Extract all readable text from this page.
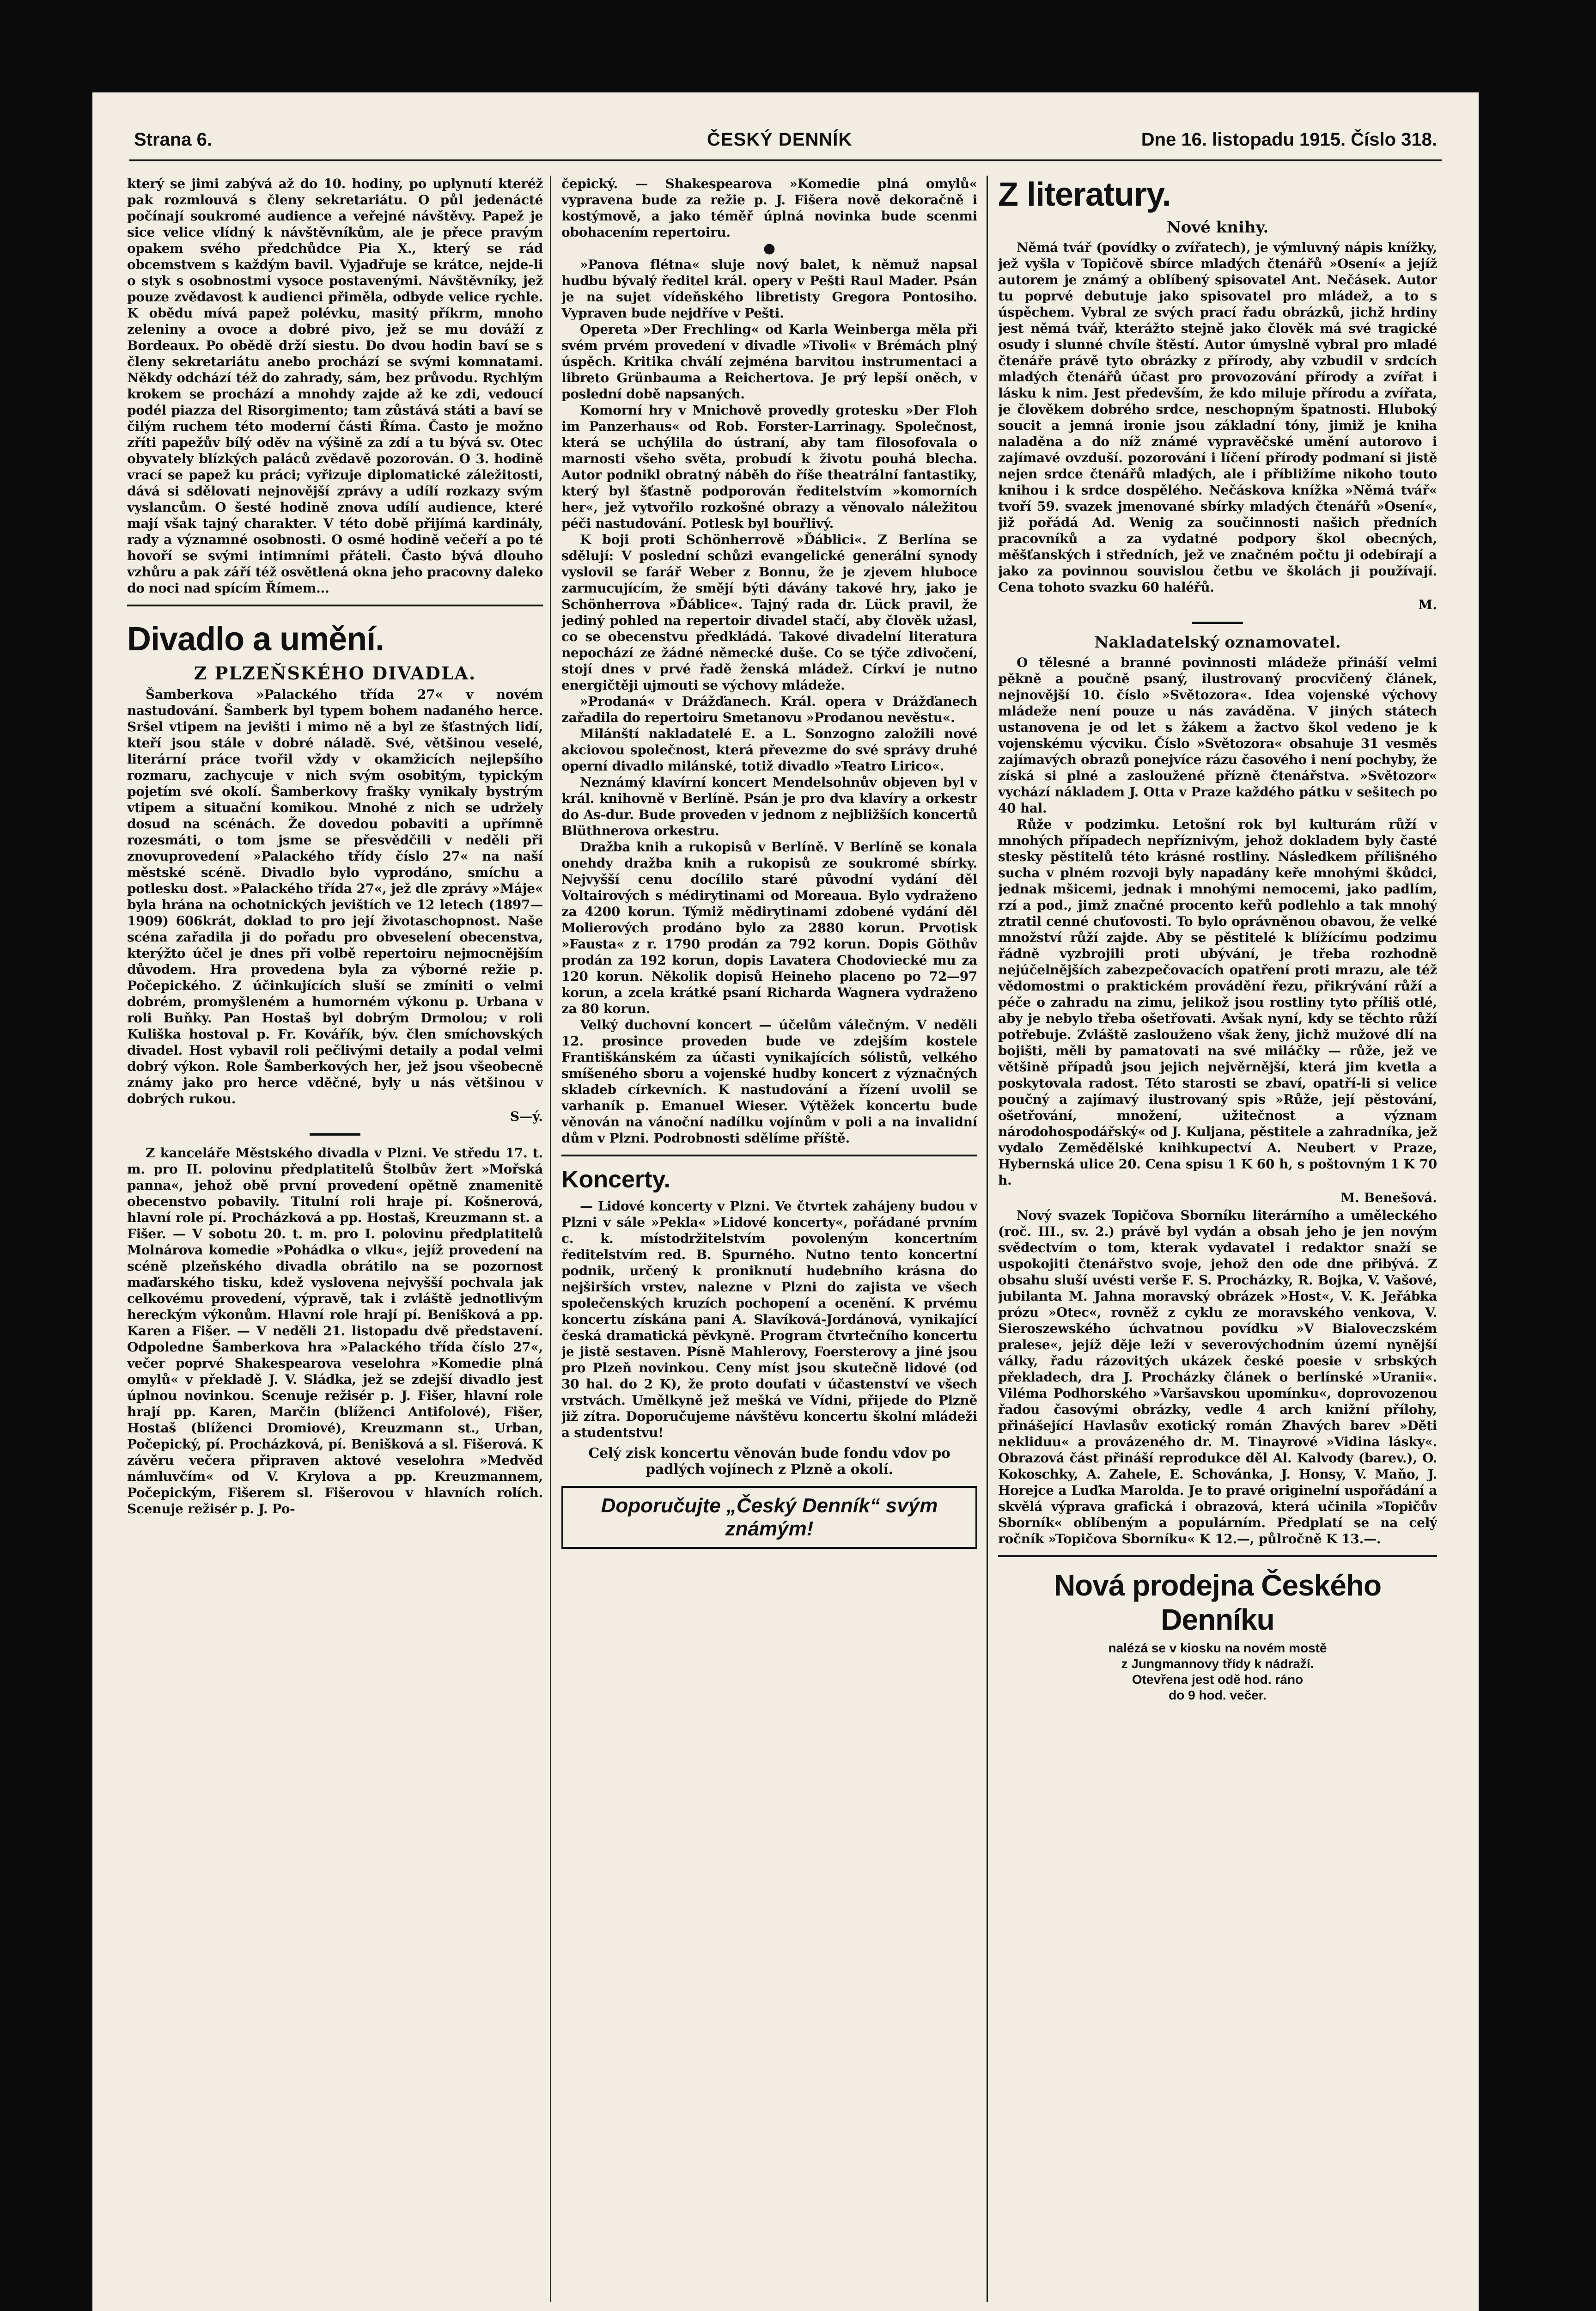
Strana 6.	ČESKÝ DENNÍK	Dne 16. listopadu 1915. Číslo 318.

který se jimi zabývá až do 10. hodiny, po uplynutí kteréž pak rozmlouvá s členy sekretariátu. O půl jedenácté počínají soukromé audience a veřejné návštěvy. Papež je sice velice vlídný k návštěvníkům, ale je přece pravým opakem svého předchůdce Pia X., který se rád obcemstvem s každým bavil. Vyjadřuje se krátce, nejde-li o styk s osobnostmi vysoce postavenými. Návštěvníky, jež pouze zvědavost k audienci přiměla, odbyde velice rychle. K obědu mívá papež polévku, masitý příkrm, mnoho zeleniny a ovoce a dobré pivo, jež se mu dováží z Bordeaux. Po obědě drží siestu. Do dvou hodin baví se s členy sekretariátu anebo prochází se svými komnatami. Někdy odchází též do zahrady, sám, bez průvodu. Rychlým krokem se prochází a mnohdy zajde až ke zdi, vedoucí podél piazza del Risorgimento; tam zůstává státi a baví se čilým ruchem této moderní části Říma. Často je možno zříti papežův bílý oděv na výšině za zdí a tu bývá sv. Otec obyvately blízkých paláců zvědavě pozorován. O 3. hodině vrací se papež ku práci; vyřizuje diplomatické záležitosti, dává si sdělovati nejnovější zprávy a udílí rozkazy svým vyslancům. O šesté hodině znova udílí audience, které mají však tajný charakter. V této době přijímá kardinály, rady a významné osobnosti. O osmé hodině večeří a po té hovoří se svými intimními přáteli. Často bývá dlouho vzhůru a pak září též osvětlená okna jeho pracovny daleko do noci nad spícím Římem...

Divadlo a umění.
Z PLZEŇSKÉHO DIVADLA.

Šamberkova »Palackého třída 27« v novém nastudování. Šamberk byl typem bohem nadaného herce. Sršel vtipem na jevišti i mimo ně a byl ze šťastných lidí, kteří jsou stále v dobré náladě. Své, většinou veselé, literární práce tvořil vždy v okamžicích nejlepšího rozmaru, zachycuje v nich svým osobitým, typickým pojetím své okolí. Šamberkovy frašky vynikaly bystrým vtipem a situační komikou. Mnohé z nich se udržely dosud na scénách. Že dovedou pobaviti a upřímně rozesmáti, o tom jsme se přesvědčili v neděli při znovuprovedení »Palackého třídy číslo 27« na naší městské scéně. Divadlo bylo vyprodáno, smíchu a potlesku dost. »Palackého třída 27«, jež dle zprávy »Máje« byla hrána na ochotnických jevištích ve 12 letech (1897—1909) 606krát, doklad to pro její životaschopnost. Naše scéna zařadila ji do pořadu pro obveselení obecenstva, kterýžto účel je dnes při volbě repertoiru nejmocnějším důvodem. Hra provedena byla za výborné režie p. Počepického. Z účinkujících sluší se zmíniti o velmi dobrém, promyšleném a humorném výkonu p. Urbana v roli Buňky. Pan Hostaš byl dobrým Drmolou; v roli Kuliška hostoval p. Fr. Kovářík, býv. člen smíchovských divadel. Host vybavil roli pečlivými detaily a podal velmi dobrý výkon. Role Šamberkových her, jež jsou všeobecně známy jako pro herce vděčné, byly u nás většinou v dobrých rukou.

S—ý.

Z kanceláře Městského divadla v Plzni. Ve středu 17. t. m. pro II. polovinu předplatitelů Štolbův žert »Mořská panna«, jehož obě první provedení opětně znamenitě obecenstvo pobavily. Titulní roli hraje pí. Košnerová, hlavní role pí. Procházková a pp. Hostaš, Kreuzmann st. a Fišer. — V sobotu 20. t. m. pro I. polovinu předplatitelů Molnárova komedie »Pohádka o vlku«, jejíž provedení na scéně plzeňského divadla obrátilo na se pozornost maďarského tisku, kdež vyslovena nejvyšší pochvala jak celkovému provedení, výpravě, tak i zvláště jednotlivým hereckým výkonům. Hlavní role hrají pí. Benišková a pp. Karen a Fišer. — V neděli 21. listopadu dvě představení. Odpoledne Šamberkova hra »Palackého třída číslo 27«, večer poprvé Shakespearova veselohra »Komedie plná omylů« v překladě J. V. Sládka, jež se zdejší divadlo jest úplnou novinkou. Scenuje režisér p. J. Fišer, hlavní role hrají pp. Karen, Marčin (blíženci Antifolové), Fišer, Hostaš (blíženci Dromiové), Kreuzmann st., Urban, Počepický, pí. Procházková, pí. Benišková a sl. Fišerová. K závěru večera připraven aktové veselohra »Medvěd námluvčím« od V. Krylova a pp. Kreuzmannem, Počepickým, Fišerem sl. Fišerovou v hlavních rolích. Scenuje režisér p. J. Po-

čepický. — Shakespearova »Komedie plná omylů« vypravena bude za režie p. J. Fišera nově dekoračně i kostýmově, a jako téměř úplná novinka bude scenmi obohacením repertoiru.

●

»Panova flétna« sluje nový balet, k němuž napsal hudbu bývalý ředitel král. opery v Pešti Raul Mader. Psán je na sujet vídeňského libretisty Gregora Pontosiho. Vypraven bude nejdříve v Pešti.

Opereta »Der Frechling« od Karla Weinberga měla při svém prvém provedení v divadle »Tivoli« v Brémách plný úspěch. Kritika chválí zejména barvitou instrumentaci a libreto Grünbauma a Reichertova. Je prý lepší oněch, v poslední době napsaných.

Komorní hry v Mnichově provedly grotesku »Der Floh im Panzerhaus« od Rob. Forster-Larrinagy. Společnost, která se uchýlila do ústraní, aby tam filosofovala o marnosti všeho světa, probudí k životu pouhá blecha. Autor podnikl obratný náběh do říše theatrální fantastiky, který byl šťastně podporován ředitelstvím »komorních her«, jež vytvořilo rozkošné obrazy a věnovalo náležitou péči nastudování. Potlesk byl bouřlivý.

K boji proti Schönherrově »Ďáblici«. Z Berlína se sdělují: V poslední schůzi evangelické generální synody vyslovil se farář Weber z Bonnu, že je zjevem hluboce zarmucujícím, že smějí býti dávány takové hry, jako je Schönherrova »Ďáblice«. Tajný rada dr. Lück pravil, že jediný pohled na repertoir divadel stačí, aby člověk užasl, co se obecenstvu předkládá. Takové divadelní literatura nepochází ze žádné německé duše. Co se týče zdivočení, stojí dnes v prvé řadě ženská mládež. Církví je nutno energičtěji ujmouti se výchovy mládeže.

»Prodaná« v Drážďanech. Král. opera v Drážďanech zařadila do repertoiru Smetanovu »Prodanou nevěstu«.

Milánští nakladatelé E. a L. Sonzogno založili nové akciovou společnost, která převezme do své správy druhé operní divadlo milánské, totiž divadlo »Teatro Lirico«.

Neznámý klavírní koncert Mendelsohnův objeven byl v král. knihovně v Berlíně. Psán je pro dva klavíry a orkestr do As-dur. Bude proveden v jednom z nejbližších koncertů Blüthnerova orkestru.

Dražba knih a rukopisů v Berlíně. V Berlíně se konala onehdy dražba knih a rukopisů ze soukromé sbírky. Nejvyšší cenu docílilo staré původní vydání děl Voltairových s médirytinami od Moreaua. Bylo vydraženo za 4200 korun. Týmiž mědirytinami zdobené vydání děl Molierových prodáno bylo za 2880 korun. Prvotisk »Fausta« z r. 1790 prodán za 792 korun. Dopis Göthův prodán za 192 korun, dopis Lavatera Chodoviecké mu za 120 korun. Několik dopisů Heineho placeno po 72—97 korun, a zcela krátké psaní Richarda Wagnera vydraženo za 80 korun.

Velký duchovní koncert — účelům válečným. V neděli 12. prosince proveden bude ve zdejším kostele Františkánském za účasti vynikajících sólistů, velkého smíšeného sboru a vojenské hudby koncert z význačných skladeb církevních. K nastudování a řízení uvolil se varhaník p. Emanuel Wieser. Výtěžek koncertu bude věnován na vánoční nadílku vojínům v poli a na invalidní dům v Plzni. Podrobnosti sdělíme příště.

Koncerty.

— Lidové koncerty v Plzni. Ve čtvrtek zahájeny budou v Plzni v sále »Pekla« »Lidové koncerty«, pořádané prvním c. k. místodržitelstvím povoleným koncertním ředitelstvím red. B. Spurného. Nutno tento koncertní podnik, určený k proniknutí hudebního krásna do nejširších vrstev, nalezne v Plzni do zajista ve všech společenských kruzích pochopení a ocenění. K prvému koncertu získána pani A. Slavíková-Jordánová, vynikající česká dramatická pěvkyně. Program čtvrtečního koncertu je jistě sestaven. Písně Mahlerovy, Foersterovy a jiné jsou pro Plzeň novinkou. Ceny míst jsou skutečně lidové (od 30 hal. do 2 K), že proto doufati v účastenství ve všech vrstvách. Umělkyně jež mešká ve Vídni, přijede do Plzně již zítra. Doporučujeme návštěvu koncertu školní mládeži a studentstvu!

Celý zisk koncertu věnován bude fondu vdov po padlých vojínech z Plzně a okolí.

Doporučujte „Český Denník“ svým známým!
Z literatury.
Nové knihy.

Němá tvář (povídky o zvířatech), je výmluvný nápis knížky, jež vyšla v Topičově sbírce mladých čtenářů »Osení« a jejíž autorem je známý a oblíbený spisovatel Ant. Nečásek. Autor tu poprvé debutuje jako spisovatel pro mládež, a to s úspěchem. Vybral ze svých prací řadu obrázků, jichž hrdiny jest němá tvář, kterážto stejně jako člověk má své tragické osudy i slunné chvíle štěstí. Autor úmyslně vybral pro mladé čtenáře právě tyto obrázky z přírody, aby vzbudil v srdcích mladých čtenářů účast pro provozování přírody a zvířat i lásku k nim. Jest především, že kdo miluje přírodu a zvířata, je člověkem dobrého srdce, neschopným špatnosti. Hluboký soucit a jemná ironie jsou základní tóny, jimiž je kniha naladěna a do níž známé vypravěčské umění autorovo i zajímavé ovzduší. pozorování i líčení přírody podmaní si jistě nejen srdce čtenářů mladých, ale i příbližíme nikoho touto knihou i k srdce dospělého. Nečáskova knížka »Němá tvář« tvoří 59. svazek jmenované sbírky mladých čtenářů »Osení«, již pořádá Ad. Wenig za součinnosti našich předních pracovníků a za vydatné podpory škol obecných, měšťanských i středních, jež ve značném počtu ji odebírají a jako za povinnou souvislou četbu ve školách ji používají. Cena tohoto svazku 60 haléřů.

M.
Nakladatelský oznamovatel.

O tělesné a branné povinnosti mládeže přináší velmi pěkně a poučně psaný, ilustrovaný procvičený článek, nejnovější 10. číslo »Světozora«. Idea vojenské výchovy mládeže není pouze u nás zaváděna. V jiných státech ustanovena je od let s žákem a žactvo škol vedeno je k vojenskému výcviku. Číslo »Světozora« obsahuje 31 vesměs zajímavých obrazů ponejvíce rázu časového i není pochyby, že získá si plné a zasloužené přízně čtenářstva. »Světozor« vychází nákladem J. Otta v Praze každého pátku v sešitech po 40 hal.

Růže v podzimku. Letošní rok byl kulturám růží v mnohých případech nepříznivým, jehož dokladem byly časté stesky pěstitelů této krásné rostliny. Následkem přílišného sucha v plném rozvoji byly napadány keře mnohými škůdci, jednak mšicemi, jednak i mnohými nemocemi, jako padlím, rzí a pod., jimž značné procento keřů podlehlo a tak mnohý ztratil cenné chuťovosti. To bylo oprávněnou obavou, že velké množství růží zajde. Aby se pěstitelé k blížícímu podzimu řádně vyzbrojili proti ubývání, je třeba rozhodně nejúčelnějších zabezpečovacích opatření proti mrazu, ale též vědomostmi o praktickém provádění řezu, přikrývání růží a péče o zahradu na zimu, jelikož jsou rostliny tyto příliš otlé, aby je nebylo třeba ošetřovati. Avšak nyní, kdy se těchto růží potřebuje. Zvláště zaslouženo však ženy, jichž mužové dlí na bojišti, měli by pamatovati na své miláčky — růže, jež ve většině případů jsou jejich nejvěrnější, která jim kvetla a poskytovala radost. Této starosti se zbaví, opatří-li si velice poučný a zajímavý ilustrovaný spis »Růže, její pěstování, ošetřování, množení, užitečnost a význam národohospodářský« od J. Kuljana, pěstitele a zahradníka, jež vydalo Zemědělské knihkupectví A. Neubert v Praze, Hybernská ulice 20. Cena spisu 1 K 60 h, s poštovným 1 K 70 h.

M. Benešová.

Nový svazek Topičova Sborníku literárního a uměleckého (roč. III., sv. 2.) právě byl vydán a obsah jeho je jen novým svědectvím o tom, kterak vydavatel i redaktor snaží se uspokojiti čtenářstvo svoje, jehož den ode dne přibývá. Z obsahu sluší uvésti verše F. S. Procházky, R. Bojka, V. Vašové, jubilanta M. Jahna moravský obrázek »Host«, V. K. Jeřábka prózu »Otec«, rovněž z cyklu ze moravského venkova, V. Sieroszewského úchvatnou povídku »V Bialoveczském pralese«, jejíž děje leží v severovýchodním území nynější války, řadu rázovitých ukázek české poesie v srbských překladech, dra J. Procházky článek o berlínské »Uranii«. Viléma Podhorského »Varšavskou upomínku«, doprovozenou řadou časovými obrázky, vedle 4 arch knižní přílohy, přinášející Havlasův exotický román Zhavých barev »Děti nekliduu« a provázeného dr. M. Tinayrové »Vidina lásky«. Obrazová část přináší reprodukce děl Al. Kalvody (barev.), O. Kokoschky, A. Zahele, E. Schovánka, J. Honsy, V. Maňo, J. Horejce a Luďka Marolda. Je to pravé originelní uspořádání a skvělá výprava grafická i obrazová, která učinila »Topičův Sborník« oblíbeným a populárním. Předplatí se na celý ročník »Topičova Sborníku« K 12.—, půlročně K 13.—.

Nová prodejna Českého Denníku
nalézá se v kiosku na novém mostě
z Jungmannovy třídy k nádraží.
Otevřena jest odě hod. ráno
do 9 hod. večer.
